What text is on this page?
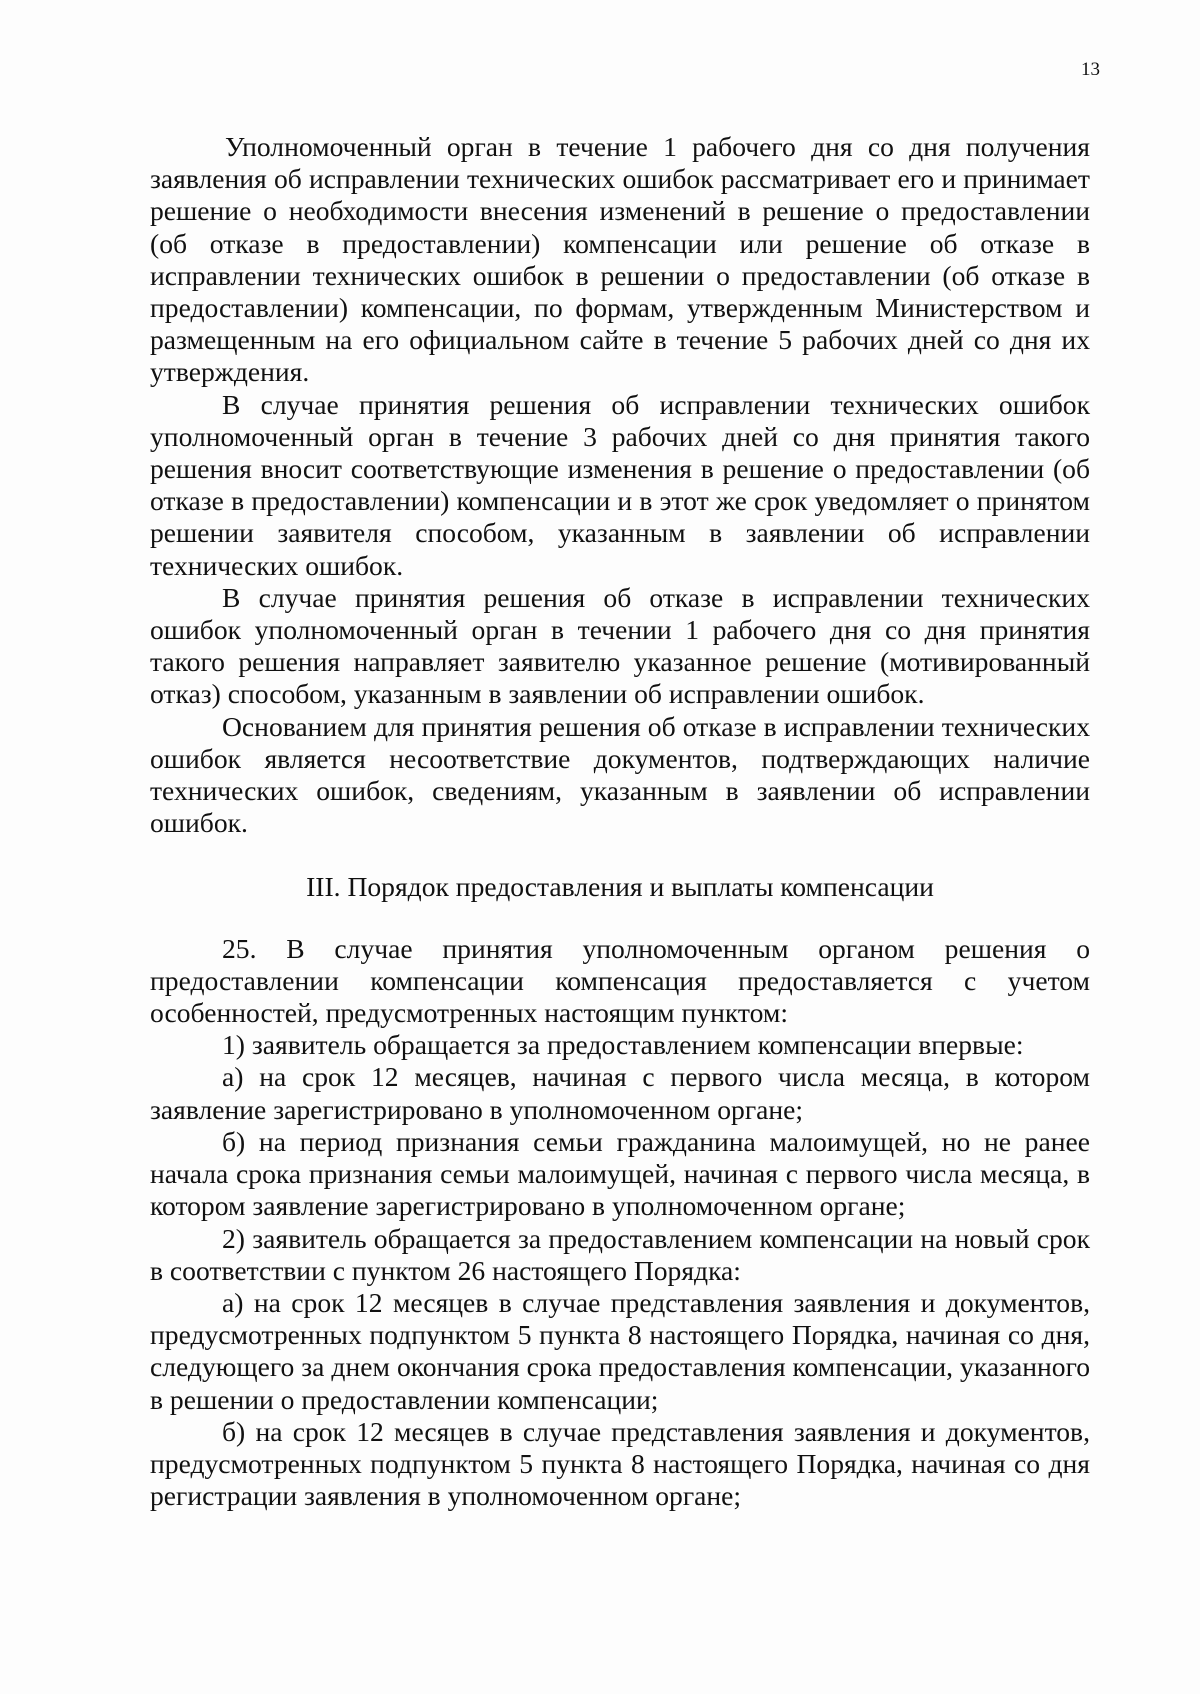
13

Уполномоченный орган в течение 1 рабочего дня со дня получения заявления об исправлении технических ошибок рассматривает его и принимает решение о необходимости внесения изменений в решение о предоставлении (об отказе в предоставлении) компенсации или решение об отказе в исправлении технических ошибок в решении о предоставлении (об отказе в предоставлении) компенсации, по формам, утвержденным Министерством и размещенным на его официальном сайте в течение 5 рабочих дней со дня их утверждения.

В случае принятия решения об исправлении технических ошибок уполномоченный орган в течение 3 рабочих дней со дня принятия такого решения вносит соответствующие изменения в решение о предоставлении (об отказе в предоставлении) компенсации и в этот же срок уведомляет о принятом решении заявителя способом, указанным в заявлении об исправлении технических ошибок.

В случае принятия решения об отказе в исправлении технических ошибок уполномоченный орган в течении 1 рабочего дня со дня принятия такого решения направляет заявителю указанное решение (мотивированный отказ) способом, указанным в заявлении об исправлении ошибок.

Основанием для принятия решения об отказе в исправлении технических ошибок является несоответствие документов, подтверждающих наличие технических ошибок, сведениям, указанным в заявлении об исправлении ошибок.

III. Порядок предоставления и выплаты компенсации

25. В случае принятия уполномоченным органом решения о предоставлении компенсации компенсация предоставляется с учетом особенностей, предусмотренных настоящим пунктом:

1) заявитель обращается за предоставлением компенсации впервые:

а) на срок 12 месяцев, начиная с первого числа месяца, в котором заявление зарегистрировано в уполномоченном органе;

б) на период признания семьи гражданина малоимущей, но не ранее начала срока признания семьи малоимущей, начиная с первого числа месяца, в котором заявление зарегистрировано в уполномоченном органе;

2) заявитель обращается за предоставлением компенсации на новый срок в соответствии с пунктом 26 настоящего Порядка:

а) на срок 12 месяцев в случае представления заявления и документов, предусмотренных подпунктом 5 пункта 8 настоящего Порядка, начиная со дня, следующего за днем окончания срока предоставления компенсации, указанного в решении о предоставлении компенсации;

б) на срок 12 месяцев в случае представления заявления и документов, предусмотренных подпунктом 5 пункта 8 настоящего Порядка, начиная со дня регистрации заявления в уполномоченном органе;
